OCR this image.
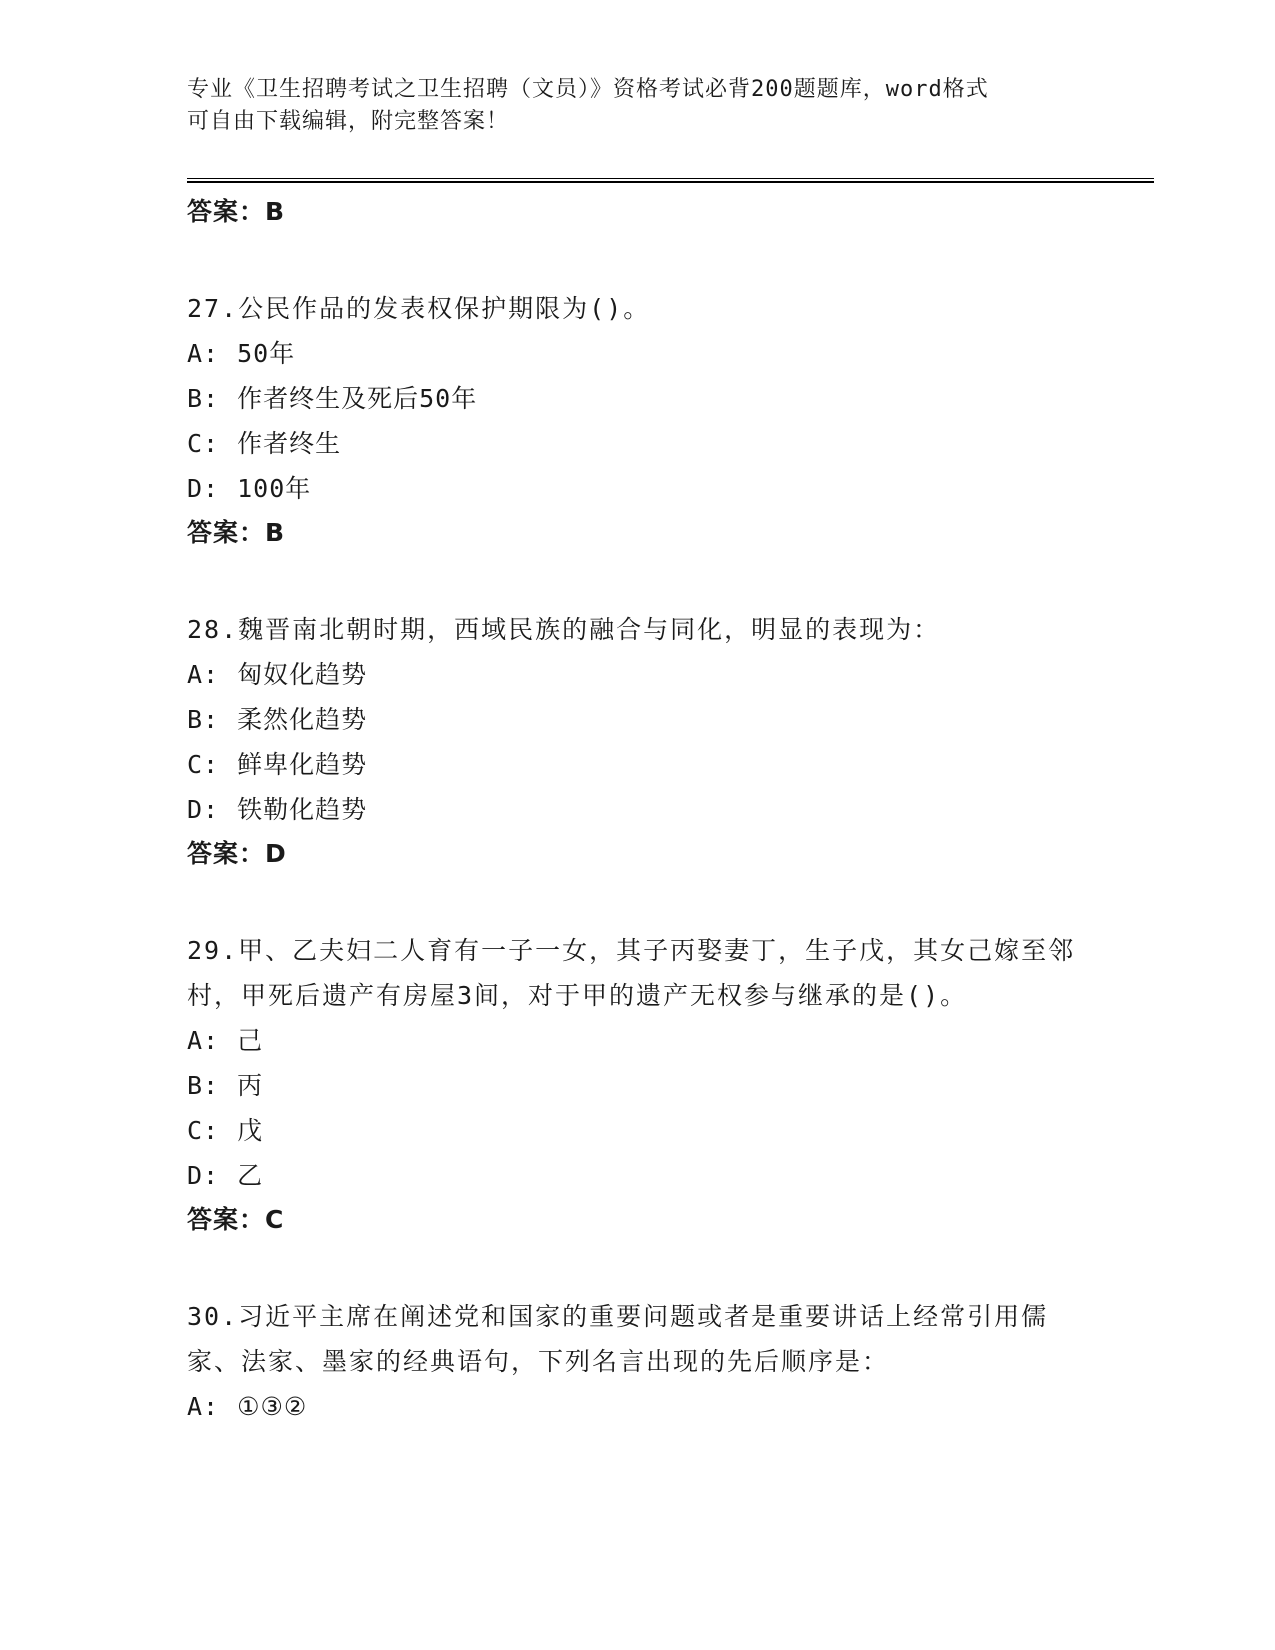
专业《卫生招聘考试之卫生招聘（文员）》资格考试必背200题题库，word格式
可自由下载编辑，附完整答案！
答案：B
27.公民作品的发表权保护期限为()。
A: 50年
B: 作者终生及死后50年
C: 作者终生
D: 100年
答案：B
28.魏晋南北朝时期，西域民族的融合与同化，明显的表现为：
A: 匈奴化趋势
B: 柔然化趋势
C: 鲜卑化趋势
D: 铁勒化趋势
答案：D
29.甲、乙夫妇二人育有一子一女，其子丙娶妻丁，生子戊，其女己嫁至邻村，甲死后遗产有房屋3间，对于甲的遗产无权参与继承的是()。
A: 己
B: 丙
C: 戊
D: 乙
答案：C
30.习近平主席在阐述党和国家的重要问题或者是重要讲话上经常引用儒家、法家、墨家的经典语句，下列名言出现的先后顺序是：
A: ①③②
